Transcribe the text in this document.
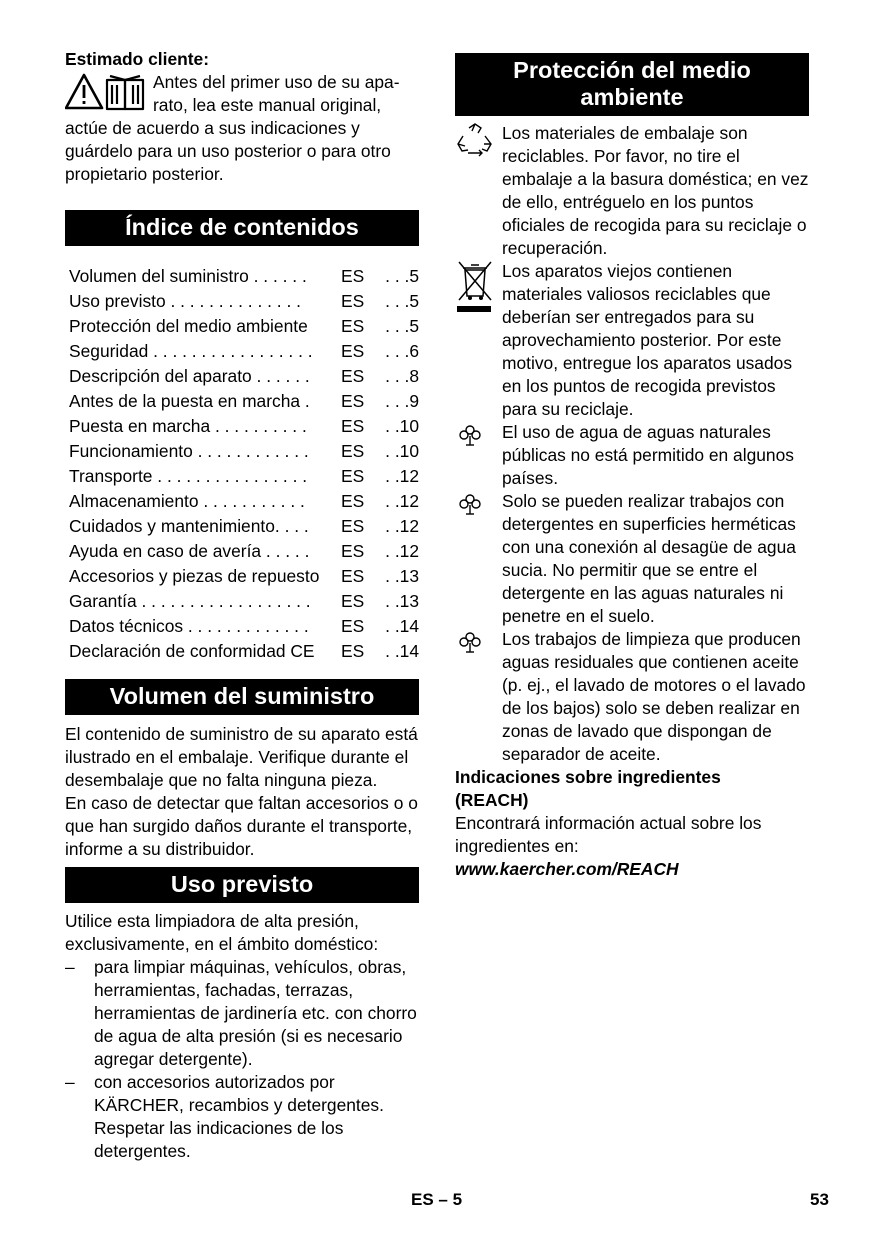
Estimado cliente:
Antes del primer uso de su apa-
rato, lea este manual original,
actúe de acuerdo a sus indicaciones y guárdelo para un uso posterior o para otro propietario posterior.
Índice de contenidos
Volumen del suministro . . . . . .	ES	. . .5
Uso previsto . . . . . . . . . . . . . .	ES	. . .5
Protección del medio ambiente	ES	. . .5
Seguridad . . . . . . . . . . . . . . . . .	ES	. . .6
Descripción del aparato . . . . . .	ES	. . .8
Antes de la puesta en marcha .	ES	. . .9
Puesta en marcha . . . . . . . . . .	ES	. .10
Funcionamiento . . . . . . . . . . . .	ES	. .10
Transporte . . . . . . . . . . . . . . . .	ES	. .12
Almacenamiento . . . . . . . . . . .	ES	. .12
Cuidados y mantenimiento. . . .	ES	. .12
Ayuda en caso de avería . . . . .	ES	. .12
Accesorios y piezas de repuesto	ES	. .13
Garantía . . . . . . . . . . . . . . . . . .	ES	. .13
Datos técnicos . . . . . . . . . . . . .	ES	. .14
Declaración de conformidad CE	ES	. .14
Volumen del suministro
El contenido de suministro de su aparato está ilustrado en el embalaje. Verifique durante el desembalaje que no falta ninguna pieza.
En caso de detectar que faltan accesorios o o que han surgido daños durante el transporte, informe a su distribuidor.
Uso previsto
Utilice esta limpiadora de alta presión, exclusivamente, en el ámbito doméstico:
–	para limpiar máquinas, vehículos, obras, herramientas, fachadas, terrazas, herramientas de jardinería etc. con chorro de agua de alta presión (si es necesario agregar detergente).
–	con accesorios autorizados por KÄRCHER, recambios y detergentes. Respetar las indicaciones de los detergentes.
Protección del medio
ambiente
Los materiales de embalaje son reciclables. Por favor, no tire el embalaje a la basura doméstica; en vez de ello, entréguelo en los puntos oficiales de recogida para su reciclaje o recuperación.
Los aparatos viejos contienen materiales valiosos reciclables que deberían ser entregados para su aprovechamiento posterior. Por este motivo, entregue los aparatos usados en los puntos de recogida previstos para su reciclaje.
El uso de agua de aguas naturales públicas no está permitido en algunos países.
Solo se pueden realizar trabajos con detergentes en superficies herméticas con una conexión al desagüe de agua sucia. No permitir que se entre el detergente en las aguas naturales ni penetre en el suelo.
Los trabajos de limpieza que producen aguas residuales que contienen aceite (p. ej., el lavado de motores o el lavado de los bajos) solo se deben realizar en zonas de lavado que dispongan de separador de aceite.
Indicaciones sobre ingredientes
(REACH)
Encontrará información actual sobre los ingredientes en:
www.kaercher.com/REACH
ES – 5	53
